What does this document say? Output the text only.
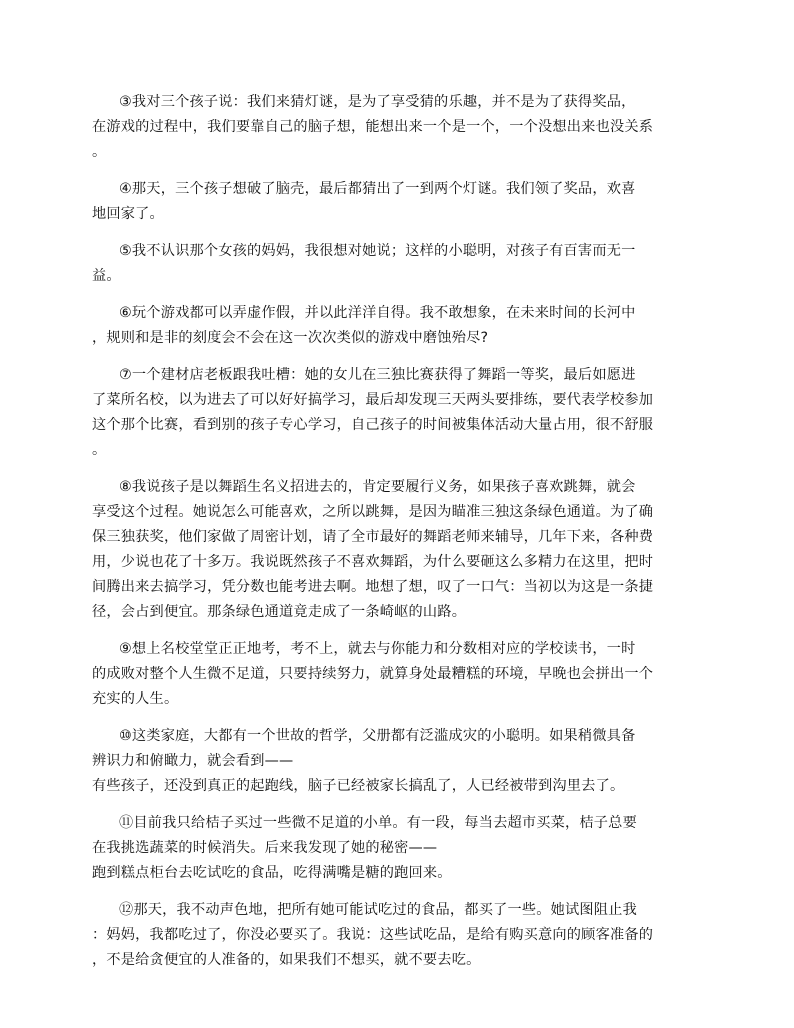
③我对三个孩子说：我们来猜灯谜，是为了享受猜的乐趣，并不是为了获得奖品，
在游戏的过程中，我们要靠自己的脑子想，能想出来一个是一个，一个没想出来也没关系
。
④那天，三个孩子想破了脑壳，最后都猜出了一到两个灯谜。我们领了奖品，欢喜
地回家了。
⑤我不认识那个女孩的妈妈，我很想对她说；这样的小聪明，对孩子有百害而无一
益。
⑥玩个游戏都可以弄虚作假，并以此洋洋自得。我不敢想象，在未来时间的长河中
，规则和是非的刻度会不会在这一次次类似的游戏中磨蚀殆尽?
⑦一个建材店老板跟我吐槽：她的女儿在三独比赛获得了舞蹈一等奖，最后如愿进
了菜所名校，以为进去了可以好好搞学习，最后却发现三天两头要排练，要代表学校参加
这个那个比赛，看到别的孩子专心学习，自己孩子的时间被集体活动大量占用，很不舒服
。
⑧我说孩子是以舞蹈生名义招进去的，肯定要履行义务，如果孩子喜欢跳舞，就会
享受这个过程。她说怎么可能喜欢，之所以跳舞，是因为瞄准三独这条绿色通道。为了确
保三独获奖，他们家做了周密计划，请了全市最好的舞蹈老师来辅导，几年下来，各种费
用，少说也花了十多万。我说既然孩子不喜欢舞蹈，为什么要砸这么多精力在这里，把时
间腾出来去搞学习，凭分数也能考进去啊。地想了想，叹了一口气：当初以为这是一条捷
径，会占到便宜。那条绿色通道竟走成了一条崎岖的山路。
⑨想上名校堂堂正正地考，考不上，就去与你能力和分数相对应的学校读书，一时
的成败对整个人生微不足道，只要持续努力，就算身处最糟糕的环境，早晚也会拼出一个
充实的人生。
⑩这类家庭，大都有一个世故的哲学，父册都有泛滥成灾的小聪明。如果稍微具备
辨识力和俯瞰力，就会看到——
有些孩子，还没到真正的起跑线，脑子已经被家长搞乱了，人已经被带到沟里去了。
⑪目前我只给桔子买过一些微不足道的小单。有一段，每当去超市买菜，桔子总要
在我挑选蔬菜的时候消失。后来我发现了她的秘密——
跑到糕点柜台去吃试吃的食品，吃得满嘴是糖的跑回来。
⑫那天，我不动声色地，把所有她可能试吃过的食品，都买了一些。她试图阻止我
：妈妈，我都吃过了，你没必要买了。我说：这些试吃品，是给有购买意向的顾客准备的
，不是给贪便宜的人准备的，如果我们不想买，就不要去吃。
